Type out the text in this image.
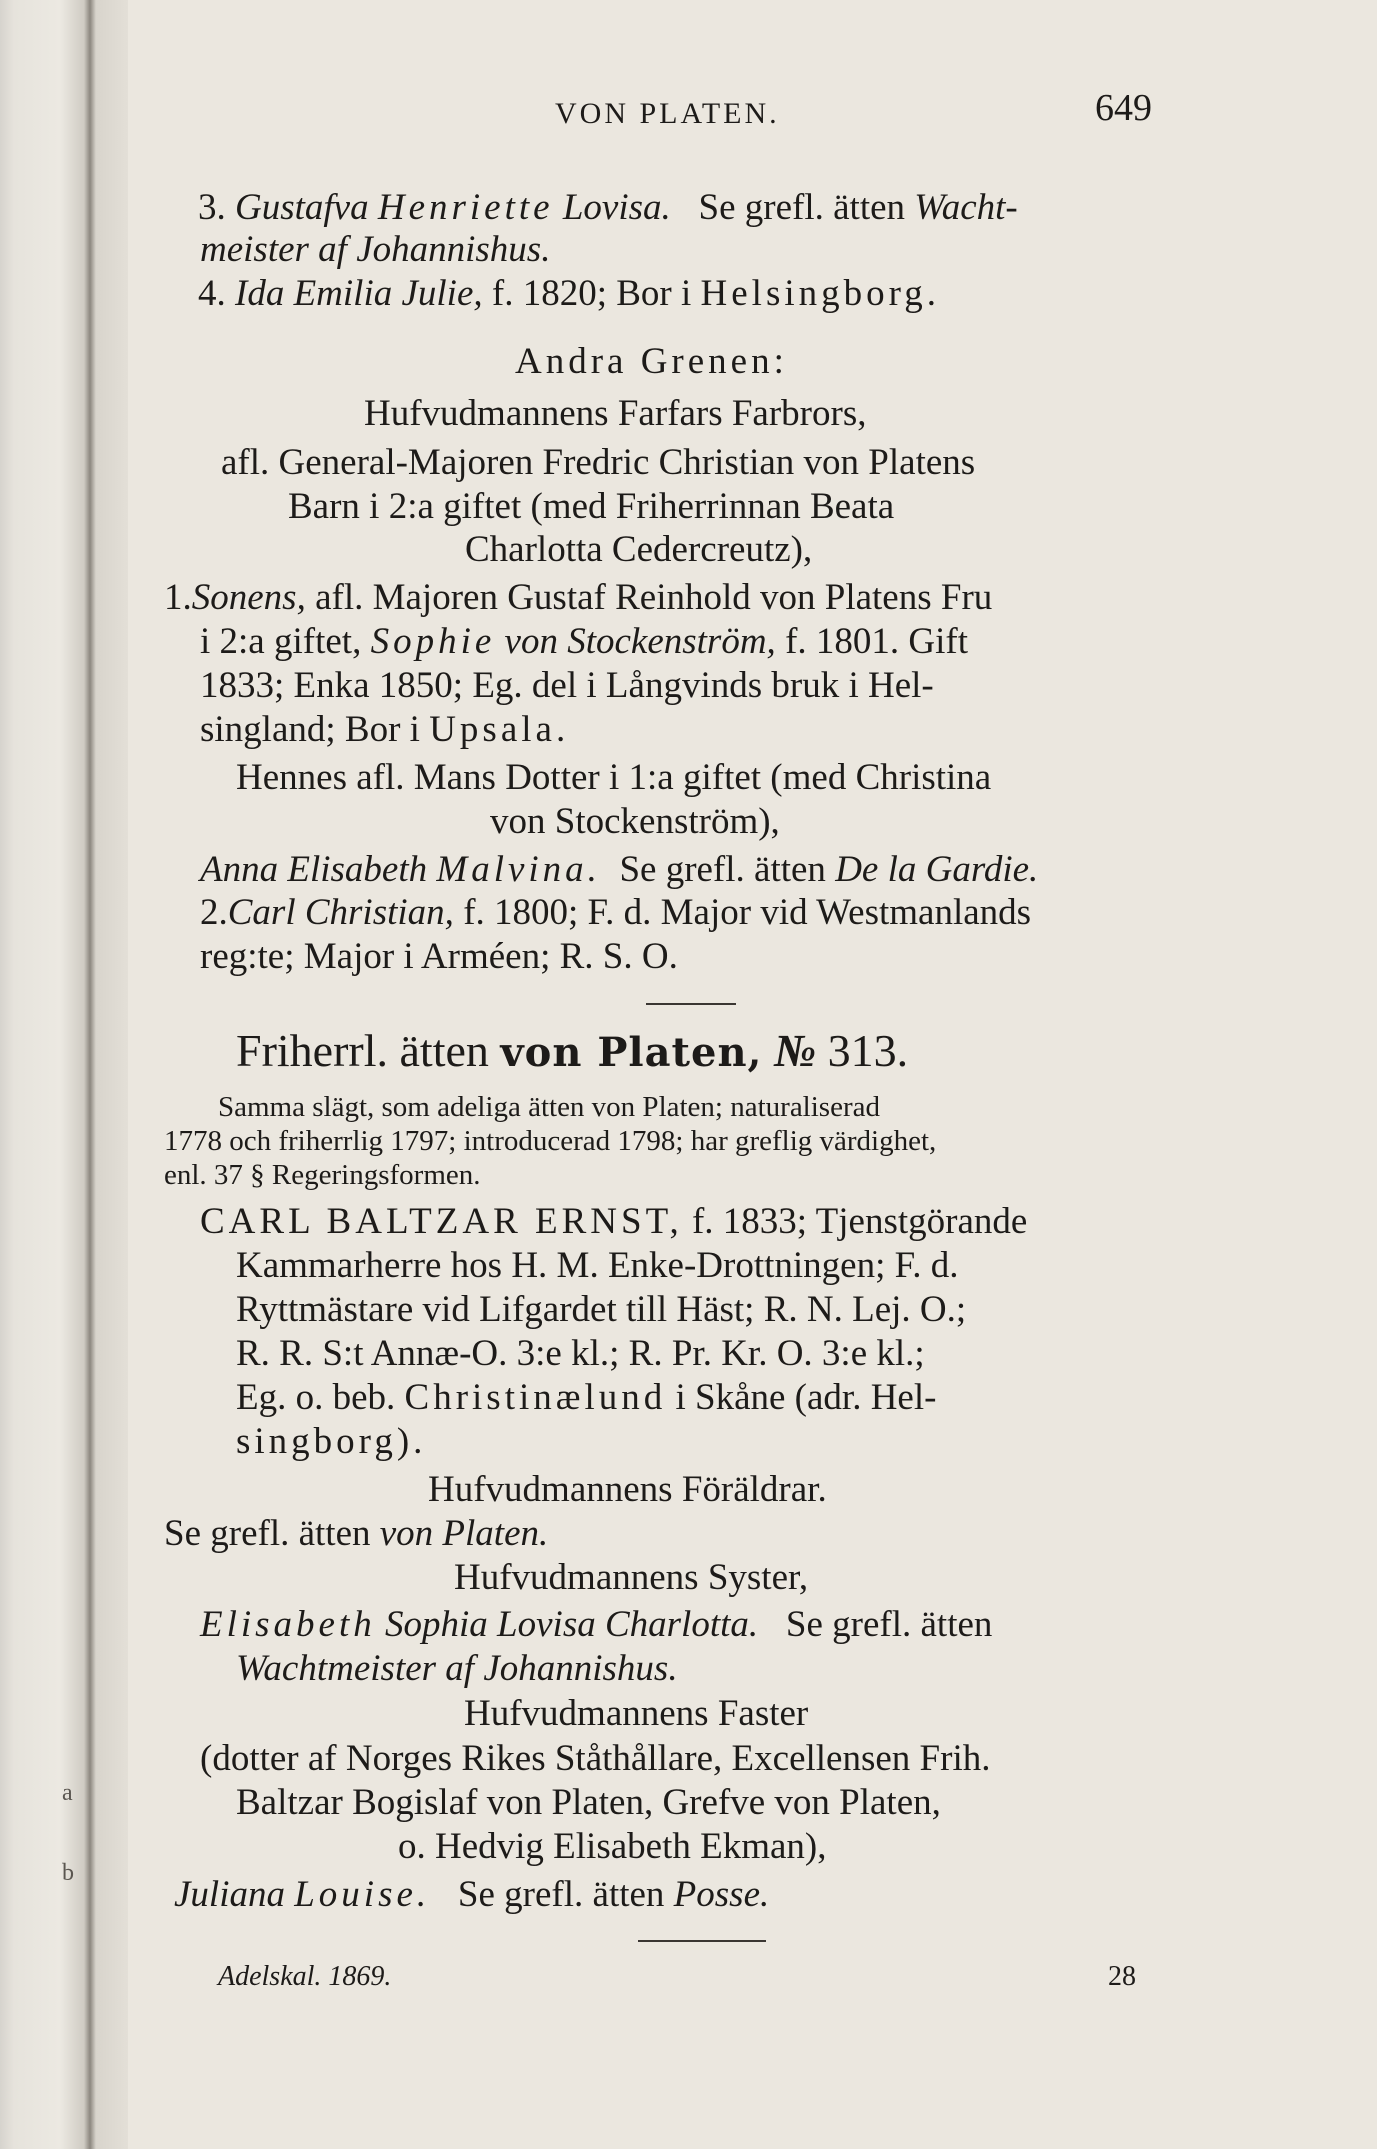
a
b
VON PLATEN.	649
3. Gustafva Henriette Lovisa. Se grefl. ätten Wacht-
meister af Johannishus.
4. Ida Emilia Julie, f. 1820; Bor i Helsingborg.
Andra Grenen:
Hufvudmannens Farfars Farbrors,
afl. General-Majoren Fredric Christian von Platens
Barn i 2:a giftet (med Friherrinnan Beata
Charlotta Cedercreutz),
1.Sonens, afl. Majoren Gustaf Reinhold von Platens Fru
i 2:a giftet, Sophie von Stockenström, f. 1801. Gift
1833; Enka 1850; Eg. del i Långvinds bruk i Hel-
singland; Bor i Upsala.
Hennes afl. Mans Dotter i 1:a giftet (med Christina
von Stockenström),
Anna Elisabeth Malvina. Se grefl. ätten De la Gardie.
2.Carl Christian, f. 1800; F. d. Major vid Westmanlands
reg:te; Major i Arméen; R. S. O.
Friherrl. ätten von Platen, № 313.
Samma slägt, som adeliga ätten von Platen; naturaliserad
1778 och friherrlig 1797; introducerad 1798; har greflig värdighet,
enl. 37 § Regeringsformen.
CARL BALTZAR ERNST, f. 1833; Tjenstgörande
Kammarherre hos H. M. Enke-Drottningen; F. d.
Ryttmästare vid Lifgardet till Häst; R. N. Lej. O.;
R. R. S:t Annæ-O. 3:e kl.; R. Pr. Kr. O. 3:e kl.;
Eg. o. beb. Christinælund i Skåne (adr. Hel-
singborg).
Hufvudmannens Föräldrar.
Se grefl. ätten von Platen.
Hufvudmannens Syster,
Elisabeth Sophia Lovisa Charlotta. Se grefl. ätten
Wachtmeister af Johannishus.
Hufvudmannens Faster
(dotter af Norges Rikes Ståthållare, Excellensen Frih.
Baltzar Bogislaf von Platen, Grefve von Platen,
o. Hedvig Elisabeth Ekman),
Juliana Louise. Se grefl. ätten Posse.
Adelskal. 1869.	28
